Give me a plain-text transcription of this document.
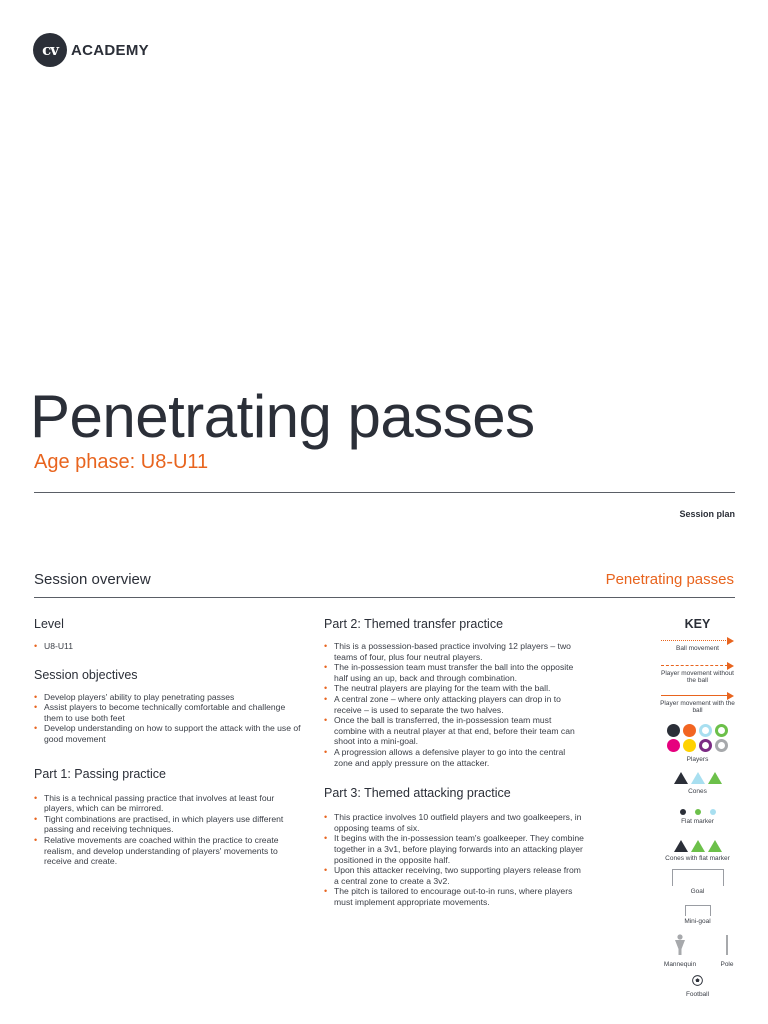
cv ACADEMY
Penetrating passes
Age phase: U8-U11
Session plan
Session overview	Penetrating passes
Level
• U8-U11
Session objectives
• Develop players' ability to play penetrating passes
• Assist players to become technically comfortable and challenge them to use both feet
• Develop understanding on how to support the attack with the use of good movement
Part 1: Passing practice
• This is a technical passing practice that involves at least four players, which can be mirrored.
• Tight combinations are practised, in which players use different passing and receiving techniques.
• Relative movements are coached within the practice to create realism, and develop understanding of players' movements to receive and create.
Part 2: Themed transfer practice
• This is a possession-based practice involving 12 players – two teams of four, plus four neutral players.
• The in-possession team must transfer the ball into the opposite half using an up, back and through combination.
• The neutral players are playing for the team with the ball.
• A central zone – where only attacking players can drop in to receive – is used to separate the two halves.
• Once the ball is transferred, the in-possession team must combine with a neutral player at that end, before their team can shoot into a mini-goal.
• A progression allows a defensive player to go into the central zone and apply pressure on the attacker.
Part 3: Themed attacking practice
• This practice involves 10 outfield players and two goalkeepers, in opposing teams of six.
• It begins with the in-possession team's goalkeeper. They combine together in a 3v1, before playing forwards into an attacking player positioned in the opposite half.
• Upon this attacker receiving, two supporting players release from a central zone to create a 3v2.
• The pitch is tailored to encourage out-to-in runs, where players must implement appropriate movements.
KEY
Ball movement
Player movement without the ball
Player movement with the ball
Players
Cones
Flat marker
Cones with flat marker
Goal
Mini-goal
Mannequin	Pole
Football
